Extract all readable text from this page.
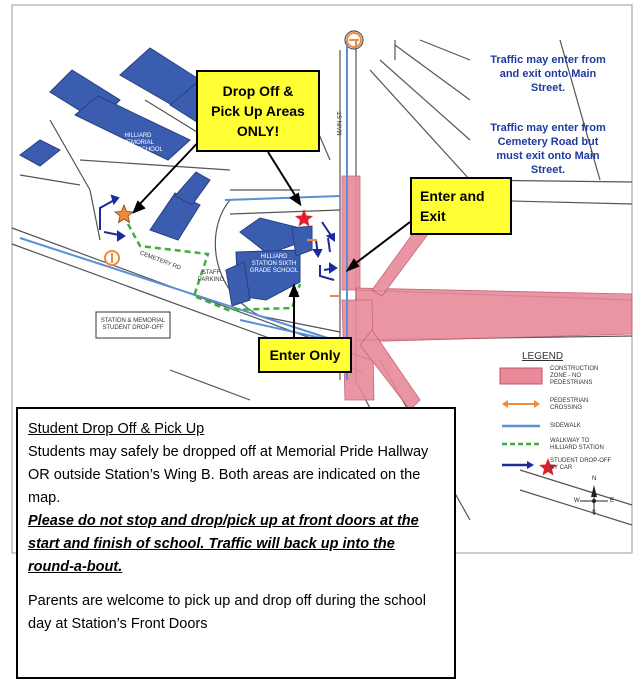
Traffic may enter from
and exit onto Main
Street.
Traffic may enter from
Cemetery Road but
must exit onto Main
Street.
Drop Off &
Pick Up Areas
ONLY!
Enter and
Exit
Enter Only
HILLIARD
MEMORIAL
MIDDLE SCHOOL
HILLIARD
STATION SIXTH
GRADE SCHOOL
STAFF
PARKING
STATION & MEMORIAL
STUDENT DROP-OFF
CEMETERY RD
MAIN ST
LEGEND
CONSTRUCTION
ZONE - NO
PEDESTRIANS
PEDESTRIAN
CROSSING
SIDEWALK
WALKWAY TO
HILLIARD STATION
STUDENT DROP-OFF
BY CAR
N
S
W	E
Student Drop Off & Pick Up
Students may safely be dropped off at Memorial Pride Hallway OR outside Station’s Wing B. Both areas are indicated on the map.
Please do not stop and drop/pick up at front doors at the start and finish of school. Traffic will back up into the round-a-bout.
Parents are welcome to pick up and drop off during the school day at Station’s Front Doors
